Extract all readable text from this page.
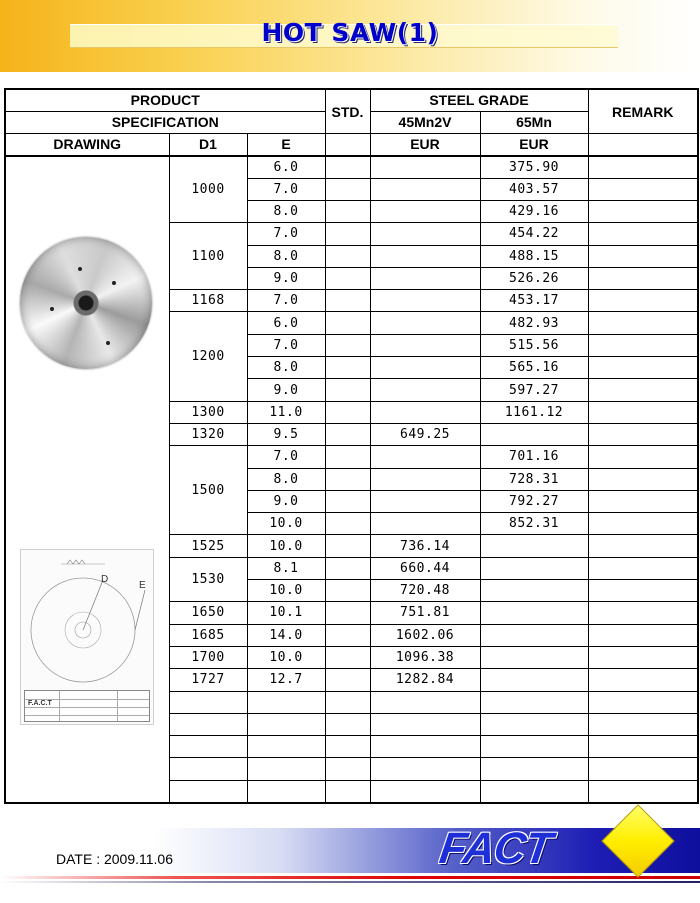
HOT SAW(1)
PRODUCT			STD.	STEEL GRADE		REMARK
SPECIFICATION				45Mn2V	65Mn	
DRAWING	D1	E		EUR	EUR	

D
E
F.A.C.T	1000	6.0			375.90	
		7.0			403.57	
		8.0			429.16	
	1100	7.0			454.22	
		8.0			488.15	
		9.0			526.26	
	1168	7.0			453.17	
	1200	6.0			482.93	
		7.0			515.56	
		8.0			565.16	
		9.0			597.27	
	1300	11.0			1161.12	
	1320	9.5		649.25		
	1500	7.0			701.16	
		8.0			728.31	
		9.0			792.27	
		10.0			852.31	
	1525	10.0		736.14		
	1530	8.1		660.44		
		10.0		720.48		
	1650	10.1		751.81		
	1685	14.0		1602.06		
	1700	10.0		1096.38		
	1727	12.7		1282.84		

DATE : 2009.11.06	FACT
